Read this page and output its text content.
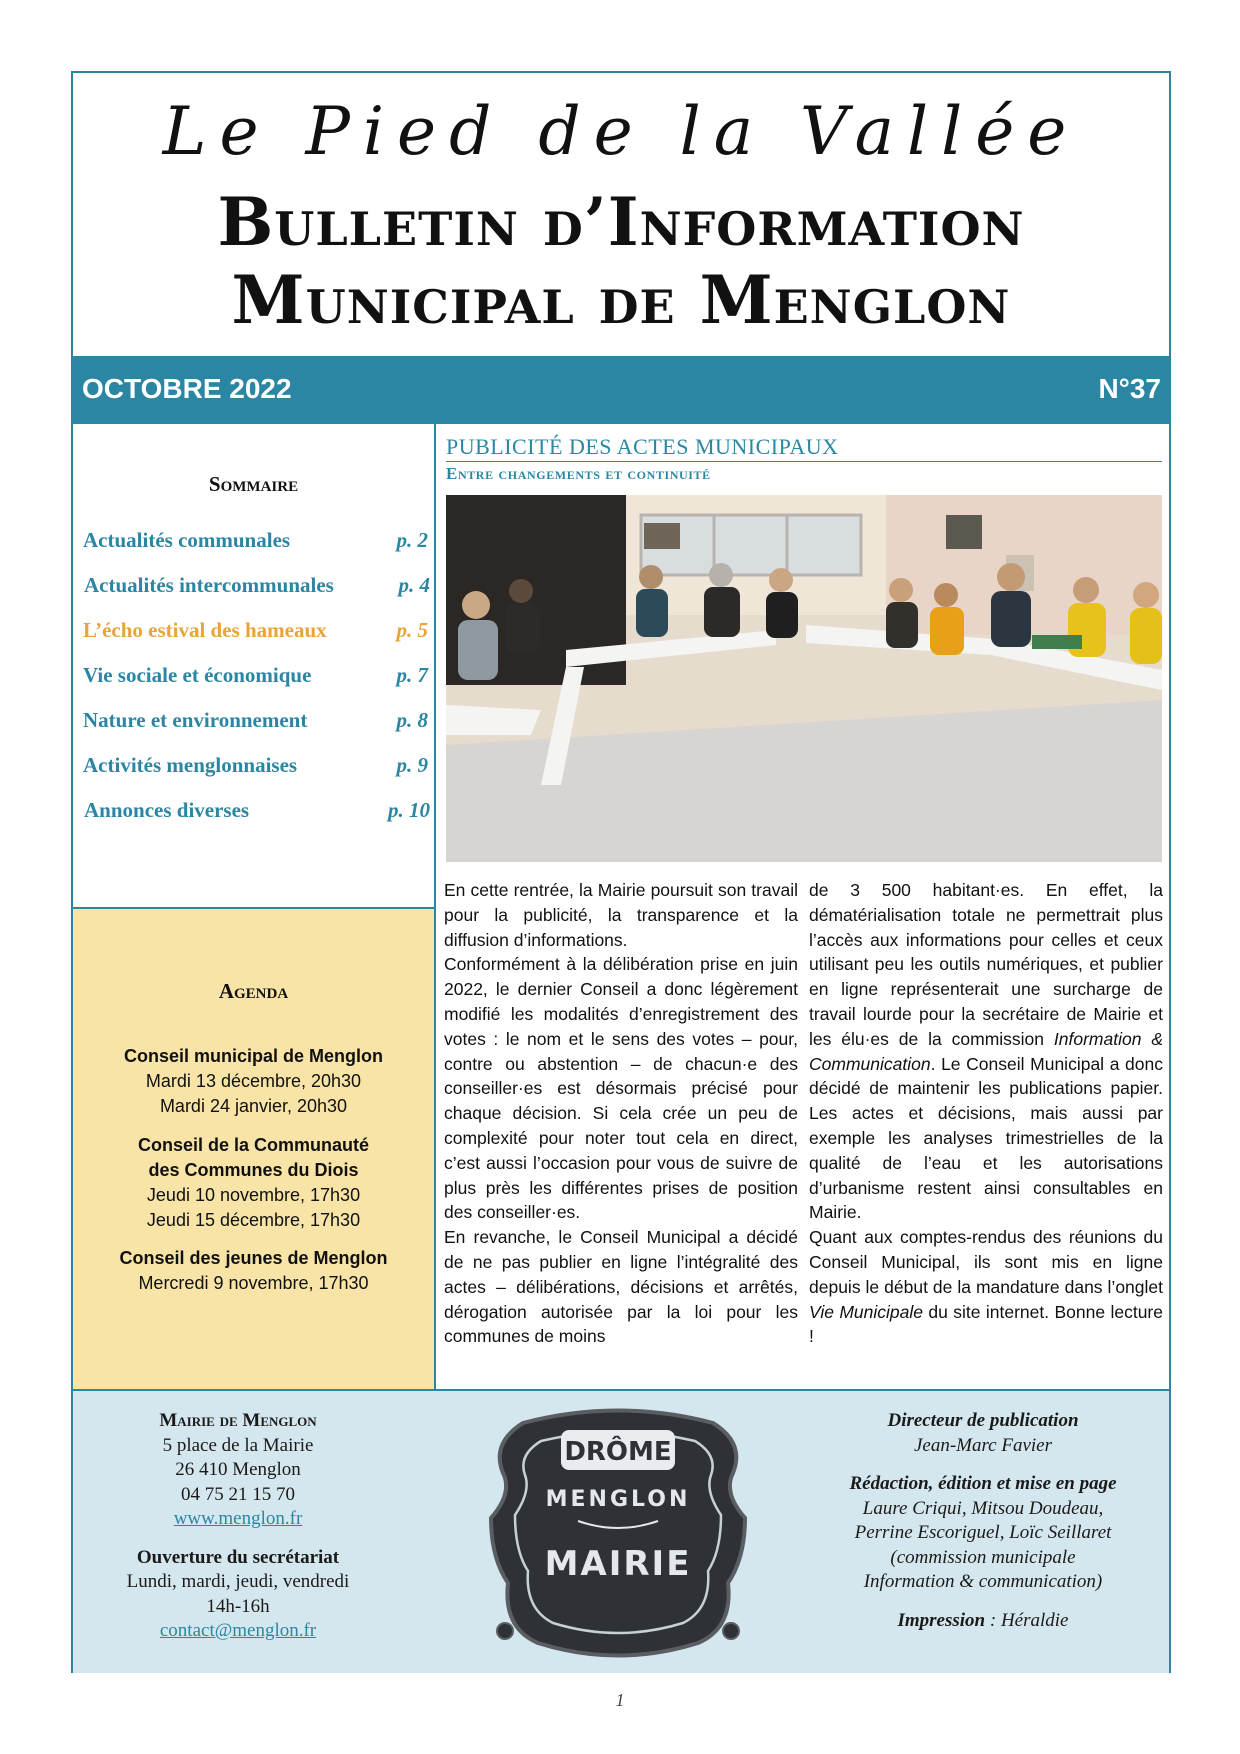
Le Pied de la Vallée
Bulletin d’Information
Municipal de Menglon
OCTOBRE 2022	N°37
Sommaire
Actualités communales	p. 2
Actualités intercommunales	p. 4
L’écho estival des hameaux	p. 5
Vie sociale et économique	p. 7
Nature et environnement	p. 8
Activités menglonnaises	p. 9
Annonces diverses	p. 10
Agenda
Conseil municipal de Menglon
Mardi 13 décembre, 20h30
Mardi 24 janvier, 20h30
Conseil de la Communauté
des Communes du Diois
Jeudi 10 novembre, 17h30
Jeudi 15 décembre, 17h30
Conseil des jeunes de Menglon
Mercredi 9 novembre, 17h30
PUBLICITÉ DES ACTES MUNICIPAUX
Entre changements et continuité

En cette rentrée, la Mairie poursuit son travail pour la publicité, la transparence et la diffusion d’informations.

Conformément à la délibération prise en juin 2022, le dernier Conseil a donc légèrement modifié les modalités d’enregistrement des votes : le nom et le sens des votes – pour, contre ou abstention – de chacun·e des conseiller·es est désormais précisé pour chaque décision. Si cela crée un peu de complexité pour noter tout cela en direct, c’est aussi l’occasion pour vous de suivre de plus près les différentes prises de position des conseiller·es.

En revanche, le Conseil Municipal a décidé de ne pas publier en ligne l’intégralité des actes – délibérations, décisions et arrêtés, dérogation autorisée par la loi pour les communes de moins

de 3 500 habitant·es. En effet, la dématérialisation totale ne permettrait plus l’accès aux informations pour celles et ceux utilisant peu les outils numériques, et publier en ligne représenterait une surcharge de travail lourde pour la secrétaire de Mairie et les élu·es de la commission Information & Communication. Le Conseil Municipal a donc décidé de maintenir les publications papier. Les actes et décisions, mais aussi par exemple les analyses trimestrielles de la qualité de l’eau et les autorisations d’urbanisme restent ainsi consultables en Mairie.

Quant aux comptes-rendus des réunions du Conseil Municipal, ils sont mis en ligne depuis le début de la mandature dans l’onglet Vie Municipale du site internet. Bonne lecture !

Mairie de Menglon
5 place de la Mairie
26 410 Menglon
04 75 21 15 70
www.menglon.fr
Ouverture du secrétariat
Lundi, mardi, jeudi, vendredi
14h-16h
contact@menglon.fr
DRÔME
MENGLON
MAIRIE
Directeur de publication
Jean-Marc Favier
Rédaction, édition et mise en page
Laure Criqui, Mitsou Doudeau,
Perrine Escoriguel, Loïc Seillaret
(commission municipale
Information & communication)
Impression : Héraldie
1
